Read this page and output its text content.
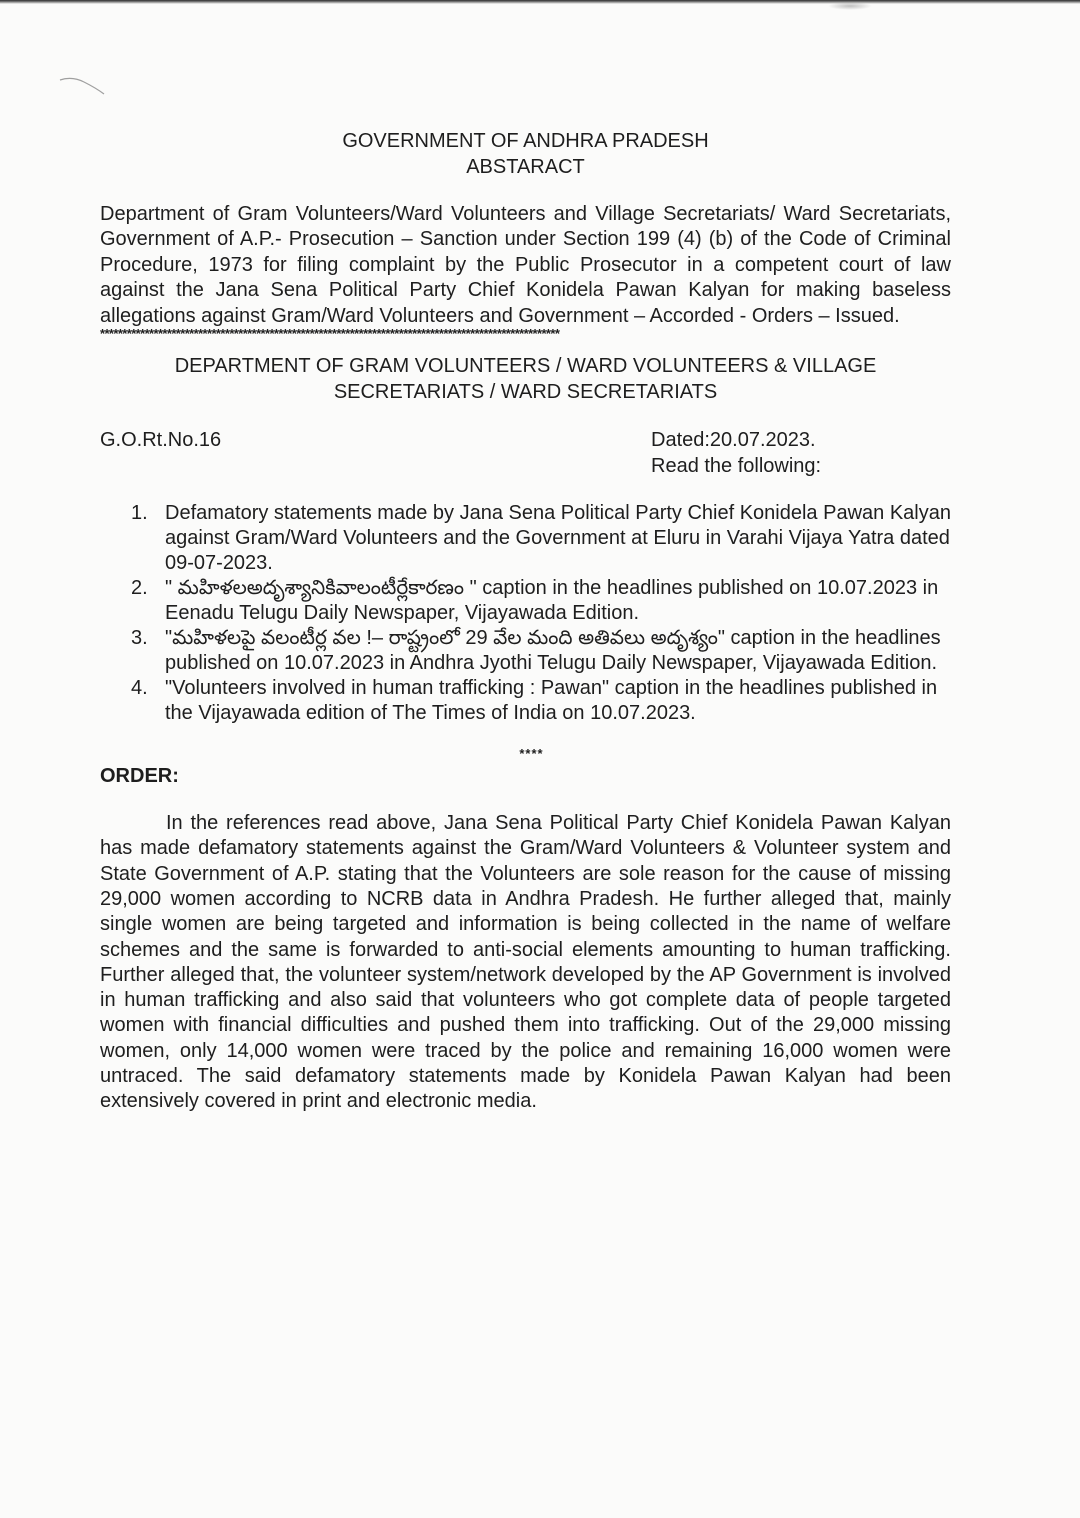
GOVERNMENT OF ANDHRA PRADESH
ABSTARACT
Department of Gram Volunteers/Ward Volunteers and Village Secretariats/ Ward Secretariats, Government of A.P.- Prosecution – Sanction under Section 199 (4) (b) of the Code of Criminal Procedure, 1973 for filing complaint by the Public Prosecutor in a competent court of law against the Jana Sena Political Party Chief Konidela Pawan Kalyan for making baseless allegations against Gram/Ward Volunteers and Government – Accorded - Orders – Issued.
*******************************************************************************************************
DEPARTMENT OF GRAM VOLUNTEERS / WARD VOLUNTEERS & VILLAGE
SECRETARIATS / WARD SECRETARIATS
G.O.Rt.No.16	Dated:20.07.2023.
Read the following:
1. Defamatory statements made by Jana Sena Political Party Chief Konidela Pawan Kalyan against Gram/Ward Volunteers and the Government at Eluru in Varahi Vijaya Yatra dated 09-07-2023.
2. " మహిళలఅదృశ్యానికివాలంటీర్లేకారణం " caption in the headlines published on 10.07.2023 in Eenadu Telugu Daily Newspaper, Vijayawada Edition.
3. "మహిళలపై వలంటీర్ల వల !– రాష్ట్రంలో 29 వేల మంది అతివలు అదృశ్యం" caption in the headlines published on 10.07.2023 in Andhra Jyothi Telugu Daily Newspaper, Vijayawada Edition.
4. "Volunteers involved in human trafficking : Pawan" caption in the headlines published in the Vijayawada edition of The Times of India on 10.07.2023.
****
ORDER:
In the references read above, Jana Sena Political Party Chief Konidela Pawan Kalyan has made defamatory statements against the Gram/Ward Volunteers & Volunteer system and State Government of A.P. stating that the Volunteers are sole reason for the cause of missing 29,000 women according to NCRB data in Andhra Pradesh. He further alleged that, mainly single women are being targeted and information is being collected in the name of welfare schemes and the same is forwarded to anti-social elements amounting to human trafficking. Further alleged that, the volunteer system/network developed by the AP Government is involved in human trafficking and also said that volunteers who got complete data of people targeted women with financial difficulties and pushed them into trafficking. Out of the 29,000 missing women, only 14,000 women were traced by the police and remaining 16,000 women were untraced. The said defamatory statements made by Konidela Pawan Kalyan had been extensively covered in print and electronic media.
